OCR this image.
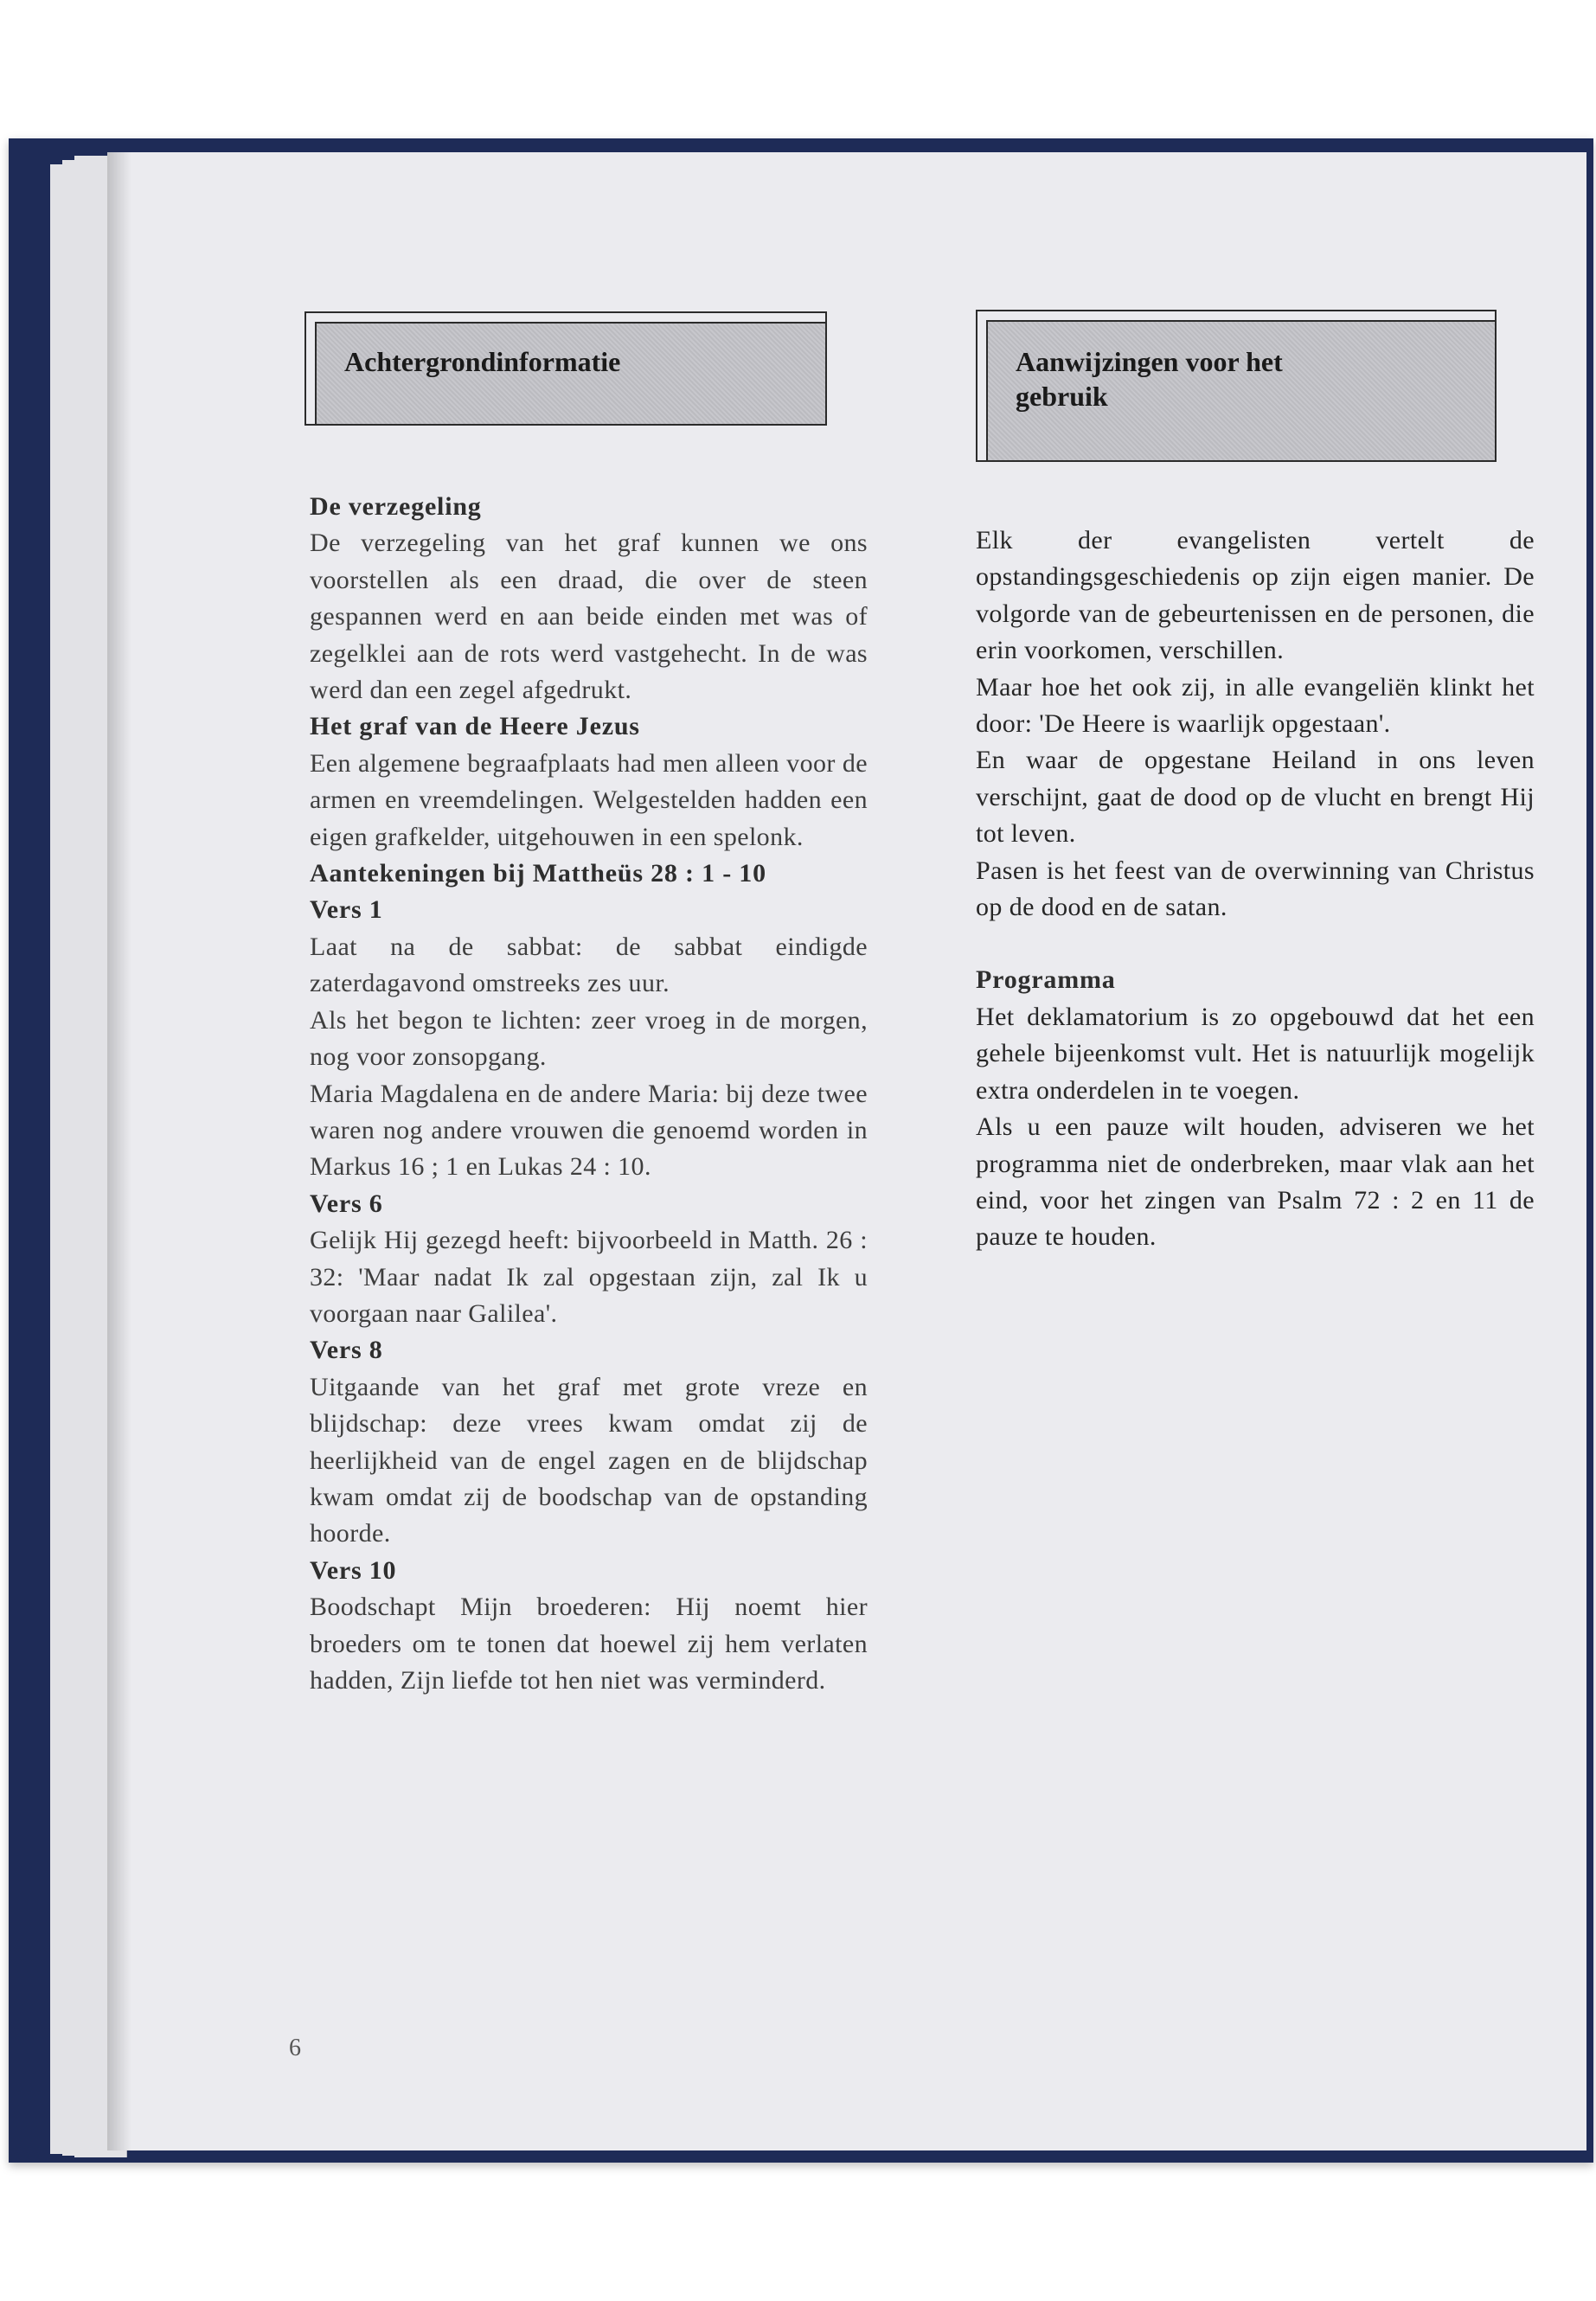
Achtergrondinformatie	Aanwijzingen voor het gebruik
De verzegeling

De verzegeling van het graf kunnen we ons voorstellen als een draad, die over de steen gespannen werd en aan beide einden met was of zegelklei aan de rots werd vastgehecht. In de was werd dan een zegel afgedrukt.

Het graf van de Heere Jezus

Een algemene begraafplaats had men alleen voor de armen en vreemdelingen. Welgestelden hadden een eigen grafkelder, uitgehouwen in een spelonk.

Aantekeningen bij Mattheüs 28 : 1 - 10
Vers 1

Laat na de sabbat: de sabbat eindigde zaterdagavond omstreeks zes uur.

Als het begon te lichten: zeer vroeg in de morgen, nog voor zonsopgang.

Maria Magdalena en de andere Maria: bij deze twee waren nog andere vrouwen die genoemd worden in Markus 16 ; 1 en Lukas 24 : 10.

Vers 6

Gelijk Hij gezegd heeft: bijvoorbeeld in Matth. 26 : 32: 'Maar nadat Ik zal opgestaan zijn, zal Ik u voorgaan naar Galilea'.

Vers 8

Uitgaande van het graf met grote vreze en blijdschap: deze vrees kwam omdat zij de heerlijkheid van de engel zagen en de blijdschap kwam omdat zij de boodschap van de opstanding hoorde.

Vers 10

Boodschapt Mijn broederen: Hij noemt hier broeders om te tonen dat hoewel zij hem verlaten hadden, Zijn liefde tot hen niet was verminderd.

Elk der evangelisten vertelt de opstandingsgeschiedenis op zijn eigen manier. De volgorde van de gebeurtenissen en de personen, die erin voorkomen, verschillen.

Maar hoe het ook zij, in alle evangeliën klinkt het door: 'De Heere is waarlijk opgestaan'.

En waar de opgestane Heiland in ons leven verschijnt, gaat de dood op de vlucht en brengt Hij tot leven.

Pasen is het feest van de overwinning van Christus op de dood en de satan.

Programma

Het deklamatorium is zo opgebouwd dat het een gehele bijeenkomst vult. Het is natuurlijk mogelijk extra onderdelen in te voegen.

Als u een pauze wilt houden, adviseren we het programma niet de onderbreken, maar vlak aan het eind, voor het zingen van Psalm 72 : 2 en 11 de pauze te houden.

6
